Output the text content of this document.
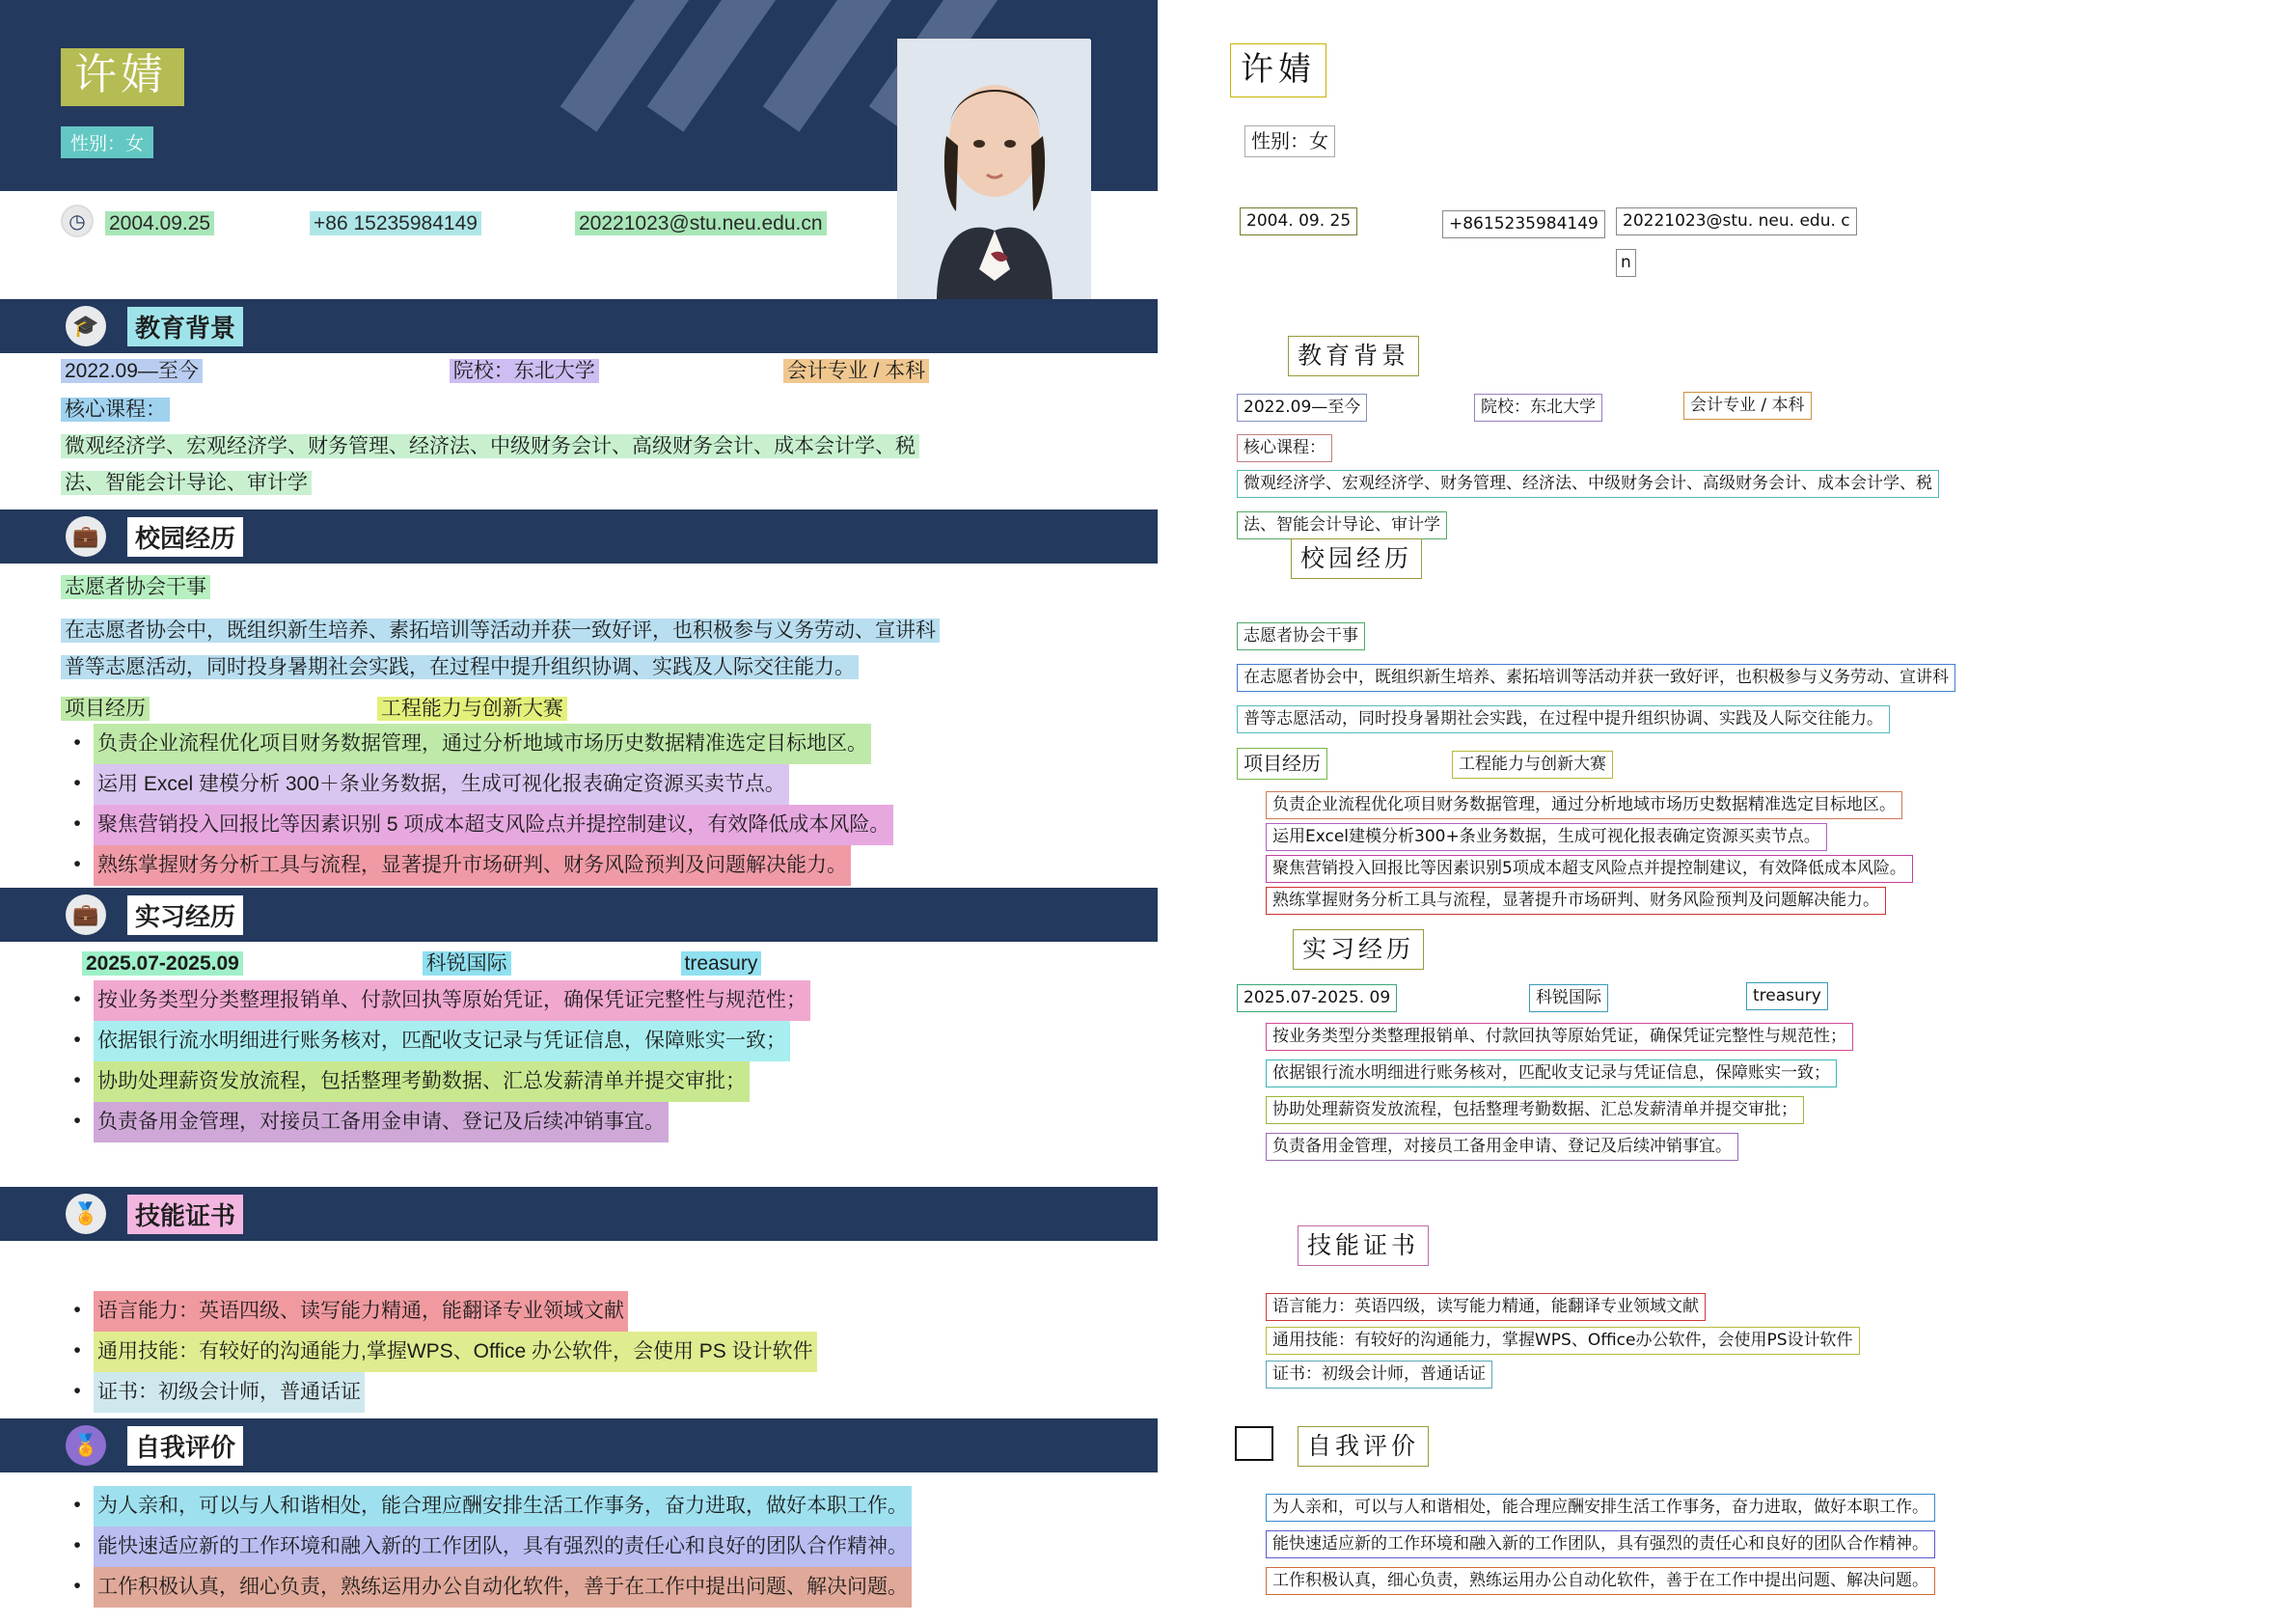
许婧
性别：女
◷	2004.09.25 ✆ +86 15235984149	✉	20221023@stu.neu.edu.cn
🎓	教育背景
2022.09—至今	院校：东北大学	会计专业 / 本科
核心课程：
微观经济学、宏观经济学、财务管理、经济法、中级财务会计、高级财务会计、成本会计学、税
法、智能会计导论、审计学
💼	校园经历
志愿者协会干事
在志愿者协会中，既组织新生培养、素拓培训等活动并获一致好评，也积极参与义务劳动、宣讲科
普等志愿活动，同时投身暑期社会实践，在过程中提升组织协调、实践及人际交往能力。
项目经历	工程能力与创新大赛
• 负责企业流程优化项目财务数据管理，通过分析地域市场历史数据精准选定目标地区。
• 运用 Excel 建模分析 300＋条业务数据，生成可视化报表确定资源买卖节点。
• 聚焦营销投入回报比等因素识别 5 项成本超支风险点并提控制建议，有效降低成本风险。
• 熟练掌握财务分析工具与流程，显著提升市场研判、财务风险预判及问题解决能力。
💼	实习经历
2025.07-2025.09	科锐国际	treasury
• 按业务类型分类整理报销单、付款回执等原始凭证，确保凭证完整性与规范性；
• 依据银行流水明细进行账务核对，匹配收支记录与凭证信息，保障账实一致；
• 协助处理薪资发放流程，包括整理考勤数据、汇总发薪清单并提交审批；
• 负责备用金管理，对接员工备用金申请、登记及后续冲销事宜。
🏅	技能证书
• 语言能力：英语四级、读写能力精通，能翻译专业领域文献
• 通用技能：有较好的沟通能力,掌握WPS、Office 办公软件，会使用 PS 设计软件
• 证书：初级会计师，普通话证
🏅	自我评价
• 为人亲和，可以与人和谐相处，能合理应酬安排生活工作事务，奋力进取，做好本职工作。
• 能快速适应新的工作环境和融入新的工作团队，具有强烈的责任心和良好的团队合作精神。
• 工作积极认真，细心负责，熟练运用办公自动化软件，善于在工作中提出问题、解决问题。
许婧
性别：女
2004. 09. 25	+8615235984149	20221023@stu. neu. edu. c
n
教育背景
2022.09—至今	院校：东北大学	会计专业 / 本科
核心课程：
微观经济学、宏观经济学、财务管理、经济法、中级财务会计、高级财务会计、成本会计学、税
法、智能会计导论、审计学
校园经历
志愿者协会干事
在志愿者协会中，既组织新生培养、素拓培训等活动并获一致好评，也积极参与义务劳动、宣讲科
普等志愿活动，同时投身暑期社会实践，在过程中提升组织协调、实践及人际交往能力。
项目经历	工程能力与创新大赛
负责企业流程优化项目财务数据管理，通过分析地域市场历史数据精准选定目标地区。
运用Excel建模分析300+条业务数据，生成可视化报表确定资源买卖节点。
聚焦营销投入回报比等因素识别5项成本超支风险点并提控制建议，有效降低成本风险。
熟练掌握财务分析工具与流程，显著提升市场研判、财务风险预判及问题解决能力。
实习经历
2025.07-2025. 09	科锐国际	treasury
按业务类型分类整理报销单、付款回执等原始凭证，确保凭证完整性与规范性；
依据银行流水明细进行账务核对，匹配收支记录与凭证信息，保障账实一致；
协助处理薪资发放流程，包括整理考勤数据、汇总发薪清单并提交审批；
负责备用金管理，对接员工备用金申请、登记及后续冲销事宜。
技能证书
语言能力：英语四级，读写能力精通，能翻译专业领域文献
通用技能：有较好的沟通能力，掌握WPS、Office办公软件，会使用PS设计软件
证书：初级会计师，普通话证
自我评价
为人亲和，可以与人和谐相处，能合理应酬安排生活工作事务，奋力进取，做好本职工作。
能快速适应新的工作环境和融入新的工作团队，具有强烈的责任心和良好的团队合作精神。
工作积极认真，细心负责，熟练运用办公自动化软件，善于在工作中提出问题、解决问题。
